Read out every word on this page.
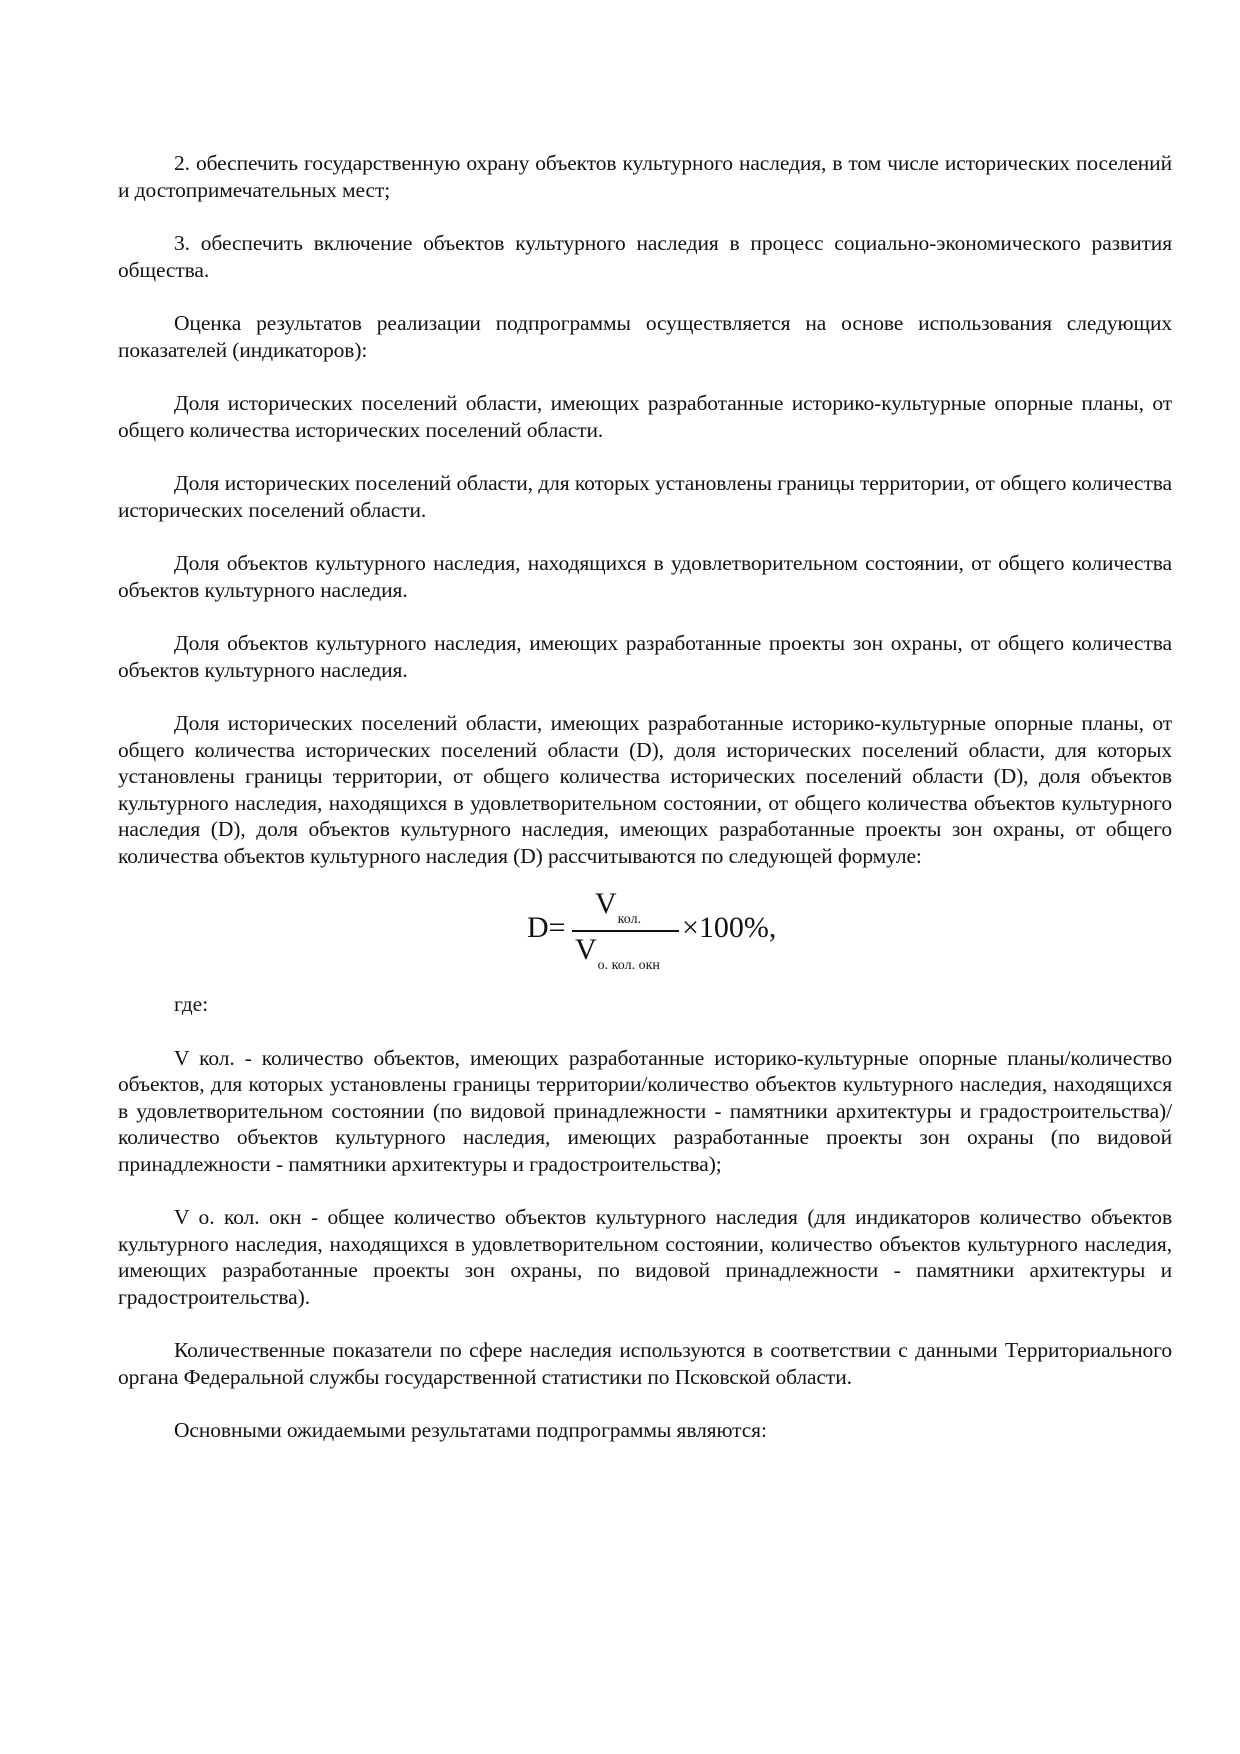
2. обеспечить государственную охрану объектов культурного наследия, в том числе исторических поселений и достопримечательных мест;

3. обеспечить включение объектов культурного наследия в процесс социально-экономического развития общества.

Оценка результатов реализации подпрограммы осуществляется на основе использования следующих показателей (индикаторов):

Доля исторических поселений области, имеющих разработанные историко-культурные опорные планы, от общего количества исторических поселений области.

Доля исторических поселений области, для которых установлены границы территории, от общего количества исторических поселений области.

Доля объектов культурного наследия, находящихся в удовлетворительном состоянии, от общего количества объектов культурного наследия.

Доля объектов культурного наследия, имеющих разработанные проекты зон охраны, от общего количества объектов культурного наследия.

Доля исторических поселений области, имеющих разработанные историко-культурные опорные планы, от общего количества исторических поселений области (D), доля исторических поселений области, для которых установлены границы территории, от общего количества исторических поселений области (D), доля объектов культурного наследия, находящихся в удовлетворительном состоянии, от общего количества объектов культурного наследия (D), доля объектов культурного наследия, имеющих разработанные проекты зон охраны, от общего количества объектов культурного наследия (D) рассчитываются по следующей формуле:

D=
$V_{кол.}$
$V_{о. кол. окн}$
×100%,

где:

V кол. - количество объектов, имеющих разработанные историко-культурные опорные планы/количество объектов, для которых установлены границы территории/количество объектов культурного наследия, находящихся в удовлетворительном состоянии (по видовой принадлежности - памятники архитектуры и градостроительства)/количество объектов культурного наследия, имеющих разработанные проекты зон охраны (по видовой принадлежности - памятники архитектуры и градостроительства);

V о. кол. окн - общее количество объектов культурного наследия (для индикаторов количество объектов культурного наследия, находящихся в удовлетворительном состоянии, количество объектов культурного наследия, имеющих разработанные проекты зон охраны, по видовой принадлежности - памятники архитектуры и градостроительства).

Количественные показатели по сфере наследия используются в соответствии с данными Территориального органа Федеральной службы государственной статистики по Псковской области.

Основными ожидаемыми результатами подпрограммы являются:
